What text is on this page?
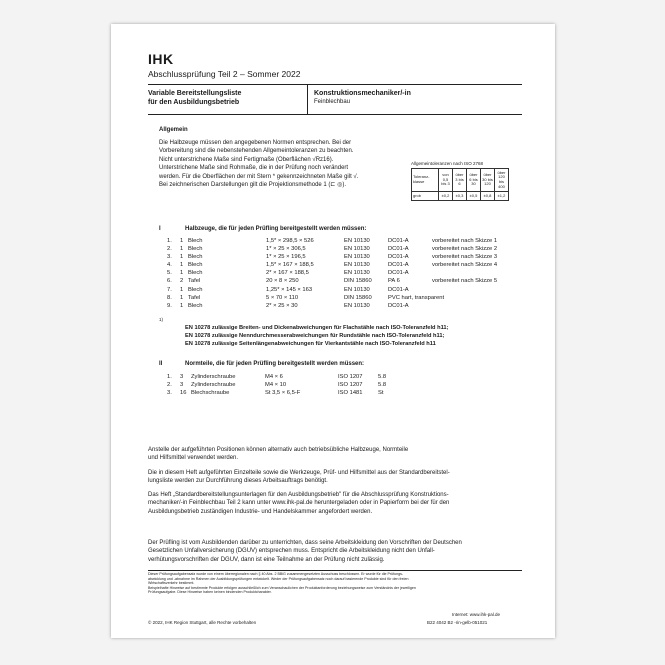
IHK
Abschlussprüfung Teil 2 – Sommer 2022
Variable Bereitstellungsliste
für den Ausbildungsbetrieb
Konstruktionsmechaniker/-in
Feinblechbau
Allgemein
Die Halbzeuge müssen den angegebenen Normen entsprechen. Bei der
Vorbereitung sind die nebenstehenden Allgemeintoleranzen zu beachten.
Nicht unterstrichene Maße sind Fertigmaße (Oberflächen √Rz16).
Unterstrichene Maße sind Rohmaße, die in der Prüfung noch verändert
werden. Für die Oberflächen der mit Stern * gekennzeichneten Maße gilt √.
Bei zeichnerischen Darstellungen gilt die Projektionsmethode 1 (⊏ ◎).
Allgemeintoleranzen nach ISO 2768
Toleranz-klasse	von 0,5 bis 3	über 3 bis 6	über 6 bis 30	über 30 bis 120	über 120 bis 400
grob	±0,2	±0,3	±0,5	±0,8	±1,2
I	Halbzeuge, die für jeden Prüfling bereitgestellt werden müssen:
1.	1	Blech	1,5* × 298,5 × 526	EN 10130	DC01-A	vorbereitet nach Skizze 1
2.	1	Blech	1* × 25 × 306,5	EN 10130	DC01-A	vorbereitet nach Skizze 2
3.	1	Blech	1* × 25 × 196,5	EN 10130	DC01-A	vorbereitet nach Skizze 3
4.	1	Blech	1,5* × 167 × 188,5	EN 10130	DC01-A	vorbereitet nach Skizze 4
5.	1	Blech	2* × 167 × 188,5	EN 10130	DC01-A	
6.	2	Tafel	20 × 8 × 250	DIN 15860	PA 6	vorbereitet nach Skizze 5
7.	1	Blech	1,25* × 145 × 163	EN 10130	DC01-A	
8.	1	Tafel	5 × 70 × 110	DIN 15860	PVC hart, transparent	
9.	1	Blech	2* × 25 × 30	EN 10130	DC01-A	
1)
EN 10278 zulässige Breiten- und Dickenabweichungen für Flachstähle nach ISO-Toleranzfeld h11;
EN 10278 zulässige Nenndurchmesserabweichungen für Rundstähle nach ISO-Toleranzfeld h11;
EN 10278 zulässige Seitenlängenabweichungen für Vierkantstähle nach ISO-Toleranzfeld h11
II	Normteile, die für jeden Prüfling bereitgestellt werden müssen:
1.	3	Zylinderschraube	M4 × 6	ISO 1207	5.8
2.	3	Zylinderschraube	M4 × 10	ISO 1207	5.8
3.	16	Blechschraube	St 3,5 × 6,5-F	ISO 1481	St
Anstelle der aufgeführten Positionen können alternativ auch betriebsübliche Halbzeuge, Normteile
und Hilfsmittel verwendet werden.
Die in diesem Heft aufgeführten Einzelteile sowie die Werkzeuge, Prüf- und Hilfsmittel aus der Standardbereitstel-
lungsliste werden zur Durchführung dieses Arbeitsauftrags benötigt.
Das Heft „Standardbereitstellungsunterlagen für den Ausbildungsbetrieb" für die Abschlussprüfung Konstruktions-
mechaniker/-in Feinblechbau Teil 2 kann unter www.ihk-pal.de heruntergeladen oder in Papierform bei der für den
Ausbildungsbetrieb zuständigen Industrie- und Handelskammer angefordert werden.
Der Prüfling ist vom Ausbildenden darüber zu unterrichten, dass seine Arbeitskleidung den Vorschriften der Deutschen
Gesetzlichen Unfallversicherung (DGUV) entsprechen muss. Entspricht die Arbeitskleidung nicht den Unfall-
verhütungsvorschriften der DGUV, dann ist eine Teilnahme an der Prüfung nicht zulässig.
Dieser Prüfungsaufgabensatz wurde von einem überregionalen nach § 40 Abs. 2 BBiG zusammengesetzten Ausschuss beschlossen. Er wurde für die Prüfungs-
abwicklung und -abnahme im Rahmen der Ausbildungsprüfungen entwickelt. Weder der Prüfungsaufgabensatz noch darauf basierende Produkte sind für den freien
Wirtschaftsverkehr bestimmt.
Beispielhafte Hinweise auf bestimmte Produkte erfolgen ausschließlich zum Veranschaulichen der Produktanforderung beziehungsweise zum Verständnis der jeweiligen
Prüfungsaufgabe. Diese Hinweise haben keinen bindenden Produktcharakter.
Internet: www.ihk-pal.de
© 2022, IHK Region Stuttgart, alle Rechte vorbehalten	B22 4042 B2 -rin-gelb-051021
